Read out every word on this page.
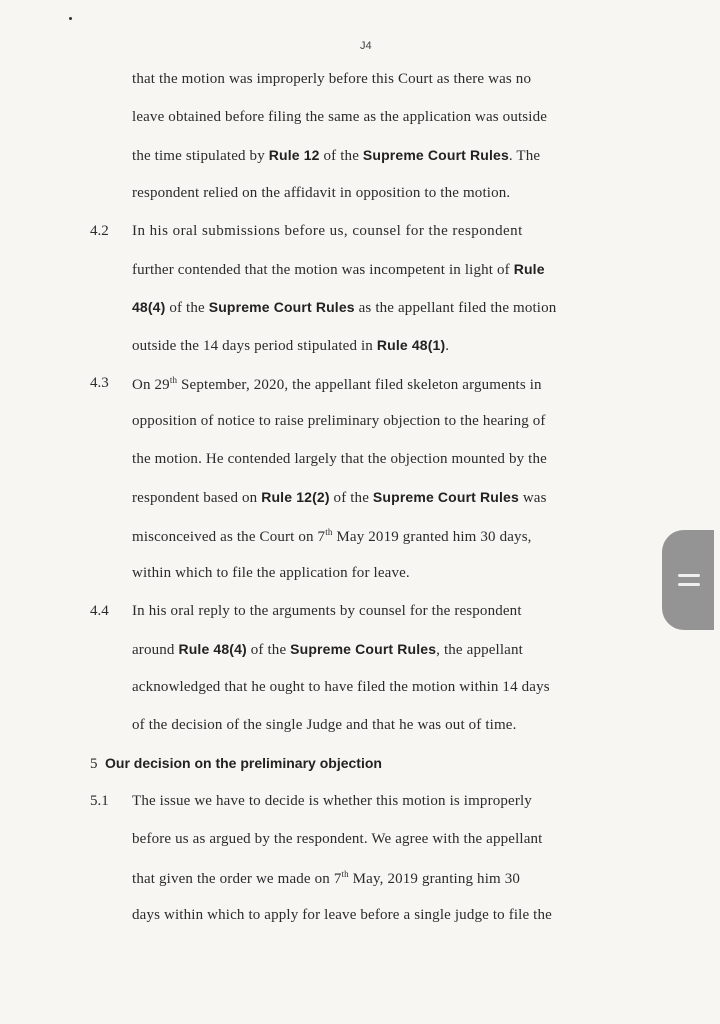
J4
that the motion was improperly before this Court as there was no
leave obtained before filing the same as the application was outside
the time stipulated by Rule 12 of the Supreme Court Rules. The
respondent relied on the affidavit in opposition to the motion.
4.2 In his oral submissions before us, counsel for the respondent
further contended that the motion was incompetent in light of Rule
48(4) of the Supreme Court Rules as the appellant filed the motion
outside the 14 days period stipulated in Rule 48(1).
4.3 On 29th September, 2020, the appellant filed skeleton arguments in
opposition of notice to raise preliminary objection to the hearing of
the motion. He contended largely that the objection mounted by the
respondent based on Rule 12(2) of the Supreme Court Rules was
misconceived as the Court on 7th May 2019 granted him 30 days,
within which to file the application for leave.
4.4 In his oral reply to the arguments by counsel for the respondent
around Rule 48(4) of the Supreme Court Rules, the appellant
acknowledged that he ought to have filed the motion within 14 days
of the decision of the single Judge and that he was out of time.
5 Our decision on the preliminary objection
5.1 The issue we have to decide is whether this motion is improperly
before us as argued by the respondent. We agree with the appellant
that given the order we made on 7th May, 2019 granting him 30
days within which to apply for leave before a single judge to file the
